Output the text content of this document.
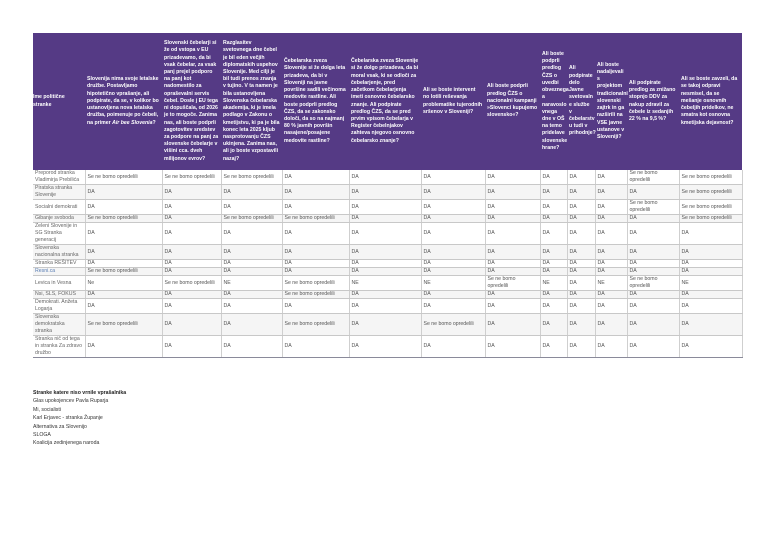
Ime politične stranke	Slovenija nima svoje letalske družbe. Postavljamo hipotetično vprašanje, ali podpirate, da se, v kolikor bo ustanovljena nova letalska družba, poimenuje po čebeli, na primer Air bee Slovenia?	Slovenski čebelarji si že od vstopa v EU prizadevamo, da bi vsak čebelar, za vsak panj prejel podporo na panj kot nadomestilo za opraševalni servis čebel. Dosle j EU tega ni dopuščala, od 2026 je to mogoče. Zanima nas, ali boste podprli zagotovitev sredstev za podpore na panj za slovenske čebelarje v višini cca. dveh milijonov evrov?	Razglasitev svetovnega dne čebel je bil eden večjih diplomatskih uspehov Slovenije. Med cilji je bil tudi prenos znanja v tujino. V ta namen je bila ustanovljena Slovenska čebelarska akademija, ki je imela podlago v Zakonu o kmetijstvu, ki pa je bila konec leta 2025 kljub nasprotovanju ČZS ukinjena. Zanima nas, ali jo boste vzpostavili nazaj?	Čebelarska zveza Slovenije si že dolga leta prizadeva, da bi v Sloveniji na javne površine sadili večinoma medovite rastline. Ali boste podprli predlog ČZS, da se zakonsko določi, da so na najmanj 80 % javnih površin nasajene/posajene medovite rastline?	Čebelarska zveza Slovenije si že dolgo prizadeva, da bi moral vsak, ki se odloči za čebelarjenje, pred začetkom čebelarjenja imeti osnovno čebelarsko znanje. Ali podpirate predlog ČZS, da se pred prvim vpisom čebelarja v Register čebelnjakov zahteva njegovo osnovno čebelarsko znanje?	Ali se boste intervent no lotili reševanja problematike tujerodnih sršenov v Sloveniji?	Ali boste podprli predlog ČZS o nacionalni kampanji »Slovenci kupujemo slovensko«?	Ali boste podprli predlog ČZS o uvedbi obveznega a naravoslo vnega dne v OŠ na temo pridelave slovenske hrane?	Ali podpirate delo Javne svetovaln e službe v čebelarstv u tudi v prihodnje?	Ali boste nadaljevali s projektom tradicionalni slovenski zajtrk in ga razširili na VSE javne ustanove v Sloveniji?	Ali podpirate predlog za znižano stopnjo DDV za nakup zdravil za čebele iz sedanjih 22 % na 9,5 %?	Ali se boste zavzeli, da se takoj odpravi nesmisel, da se mešanje osnovnih čebeljih pridelkov, ne smatra kot osnovna kmetijska dejavnost?
Preporod stranka Vladimirja Prebilića	Se ne bomo opredelili	Se ne bomo opredelili	Se ne bomo opredelili	DA	DA	DA	DA	DA	DA	DA	Se ne bomo opredelili	Se ne bomo opredelili
Piratska stranka Slovenije	DA	DA	DA	DA	DA	DA	DA	DA	DA	DA	DA	Se ne bomo opredelili
Socialni demokrati	DA	DA	DA	DA	DA	DA	DA	DA	DA	DA	Se ne bomo opredelili	Se ne bomo opredelili
Gibanje svoboda	Se ne bomo opredelili	DA	Se ne bomo opredelili	Se ne bomo opredelili	DA	DA	DA	DA	DA	DA	DA	Se ne bomo opredelili
Zeleni Slovenije in SG Stranka generacij	DA	DA	DA	DA	DA	DA	DA	DA	DA	DA	DA	DA
Slovenska nacionalna stranka	DA	DA	DA	DA	DA	DA	DA	DA	DA	DA	DA	DA
Stranka REŠITEV	DA	DA	DA	DA	DA	DA	DA	DA	DA	DA	DA	DA
Resni.ca	Se ne bomo opredelili	DA	DA	DA	DA	DA	DA	DA	DA	DA	DA	DA
Levica in Vesna	Ne	Se ne bomo opredelili	NE	Se ne bomo opredelili	NE	NE	Se ne bomo opredelili	NE	DA	NE	Se ne bomo opredelili	NE
Nsi, SLS, FOKUS	DA	DA	DA	Se ne bomo opredelili	DA	DA	DA	DA	DA	DA	DA	DA
Demokrati. Anžeta Logarja	DA	DA	DA	DA	DA	DA	DA	DA	DA	DA	DA	DA
Slovenska demokratska stranka	Se ne bomo opredelili	DA	DA	Se ne bomo opredelili	DA	Se ne bomo opredelili	DA	DA	DA	DA	DA	DA
Stranka nič od tega in stranka Za zdravo družbo	DA	DA	DA	DA	DA	DA	DA	DA	DA	DA	DA	DA
Stranke katere niso vrnile vprašalnika
Glas upokojencev Pavla Ruparja
Mi, socialisti
Karl Erjavec - stranka Županje
Alternativa za Slovenijo
SLOGA
Koalicija zedinjenega naroda
